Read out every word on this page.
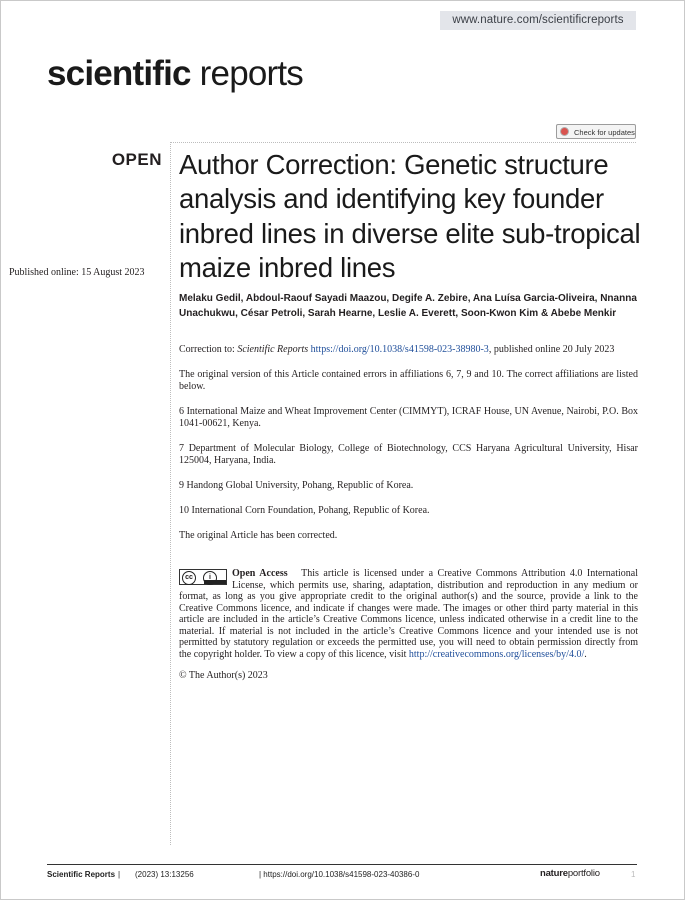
www.nature.com/scientificreports
scientific reports
Check for updates
OPEN
Published online: 15 August 2023
Author Correction: Genetic structure analysis and identifying key founder inbred lines in diverse elite sub-tropical maize inbred lines
Melaku Gedil, Abdoul‑Raouf Sayadi Maazou, Degife A. Zebire, Ana Luísa Garcia‑Oliveira, Nnanna Unachukwu, César Petroli, Sarah Hearne, Leslie A. Everett, Soon‑Kwon Kim & Abebe Menkir

Correction to: Scientific Reports https://doi.org/10.1038/s41598-023-38980-3, published online 20 July 2023

The original version of this Article contained errors in affiliations 6, 7, 9 and 10. The correct affiliations are listed below.

6 International Maize and Wheat Improvement Center (CIMMYT), ICRAF House, UN Avenue, Nairobi, P.O. Box 1041-00621, Kenya.

7 Department of Molecular Biology, College of Biotechnology, CCS Haryana Agricultural University, Hisar 125004, Haryana, India.

9 Handong Global University, Pohang, Republic of Korea.

10 International Corn Foundation, Pohang, Republic of Korea.

The original Article has been corrected.

cc	i	Open Access This article is licensed under a Creative Commons Attribution 4.0 International License, which permits use, sharing, adaptation, distribution and reproduction in any medium or format, as long as you give appropriate credit to the original author(s) and the source, provide a link to the Creative Commons licence, and indicate if changes were made. The images or other third party material in this article are included in the article’s Creative Commons licence, unless indicated otherwise in a credit line to the material. If material is not included in the article’s Creative Commons licence and your intended use is not permitted by statutory regulation or exceeds the permitted use, you will need to obtain permission directly from the copyright holder. To view a copy of this licence, visit http://creativecommons.org/licenses/by/4.0/.

© The Author(s) 2023

Scientific Reports | (2023) 13:13256	| https://doi.org/10.1038/s41598-023-40386-0	natureportfolio	1
